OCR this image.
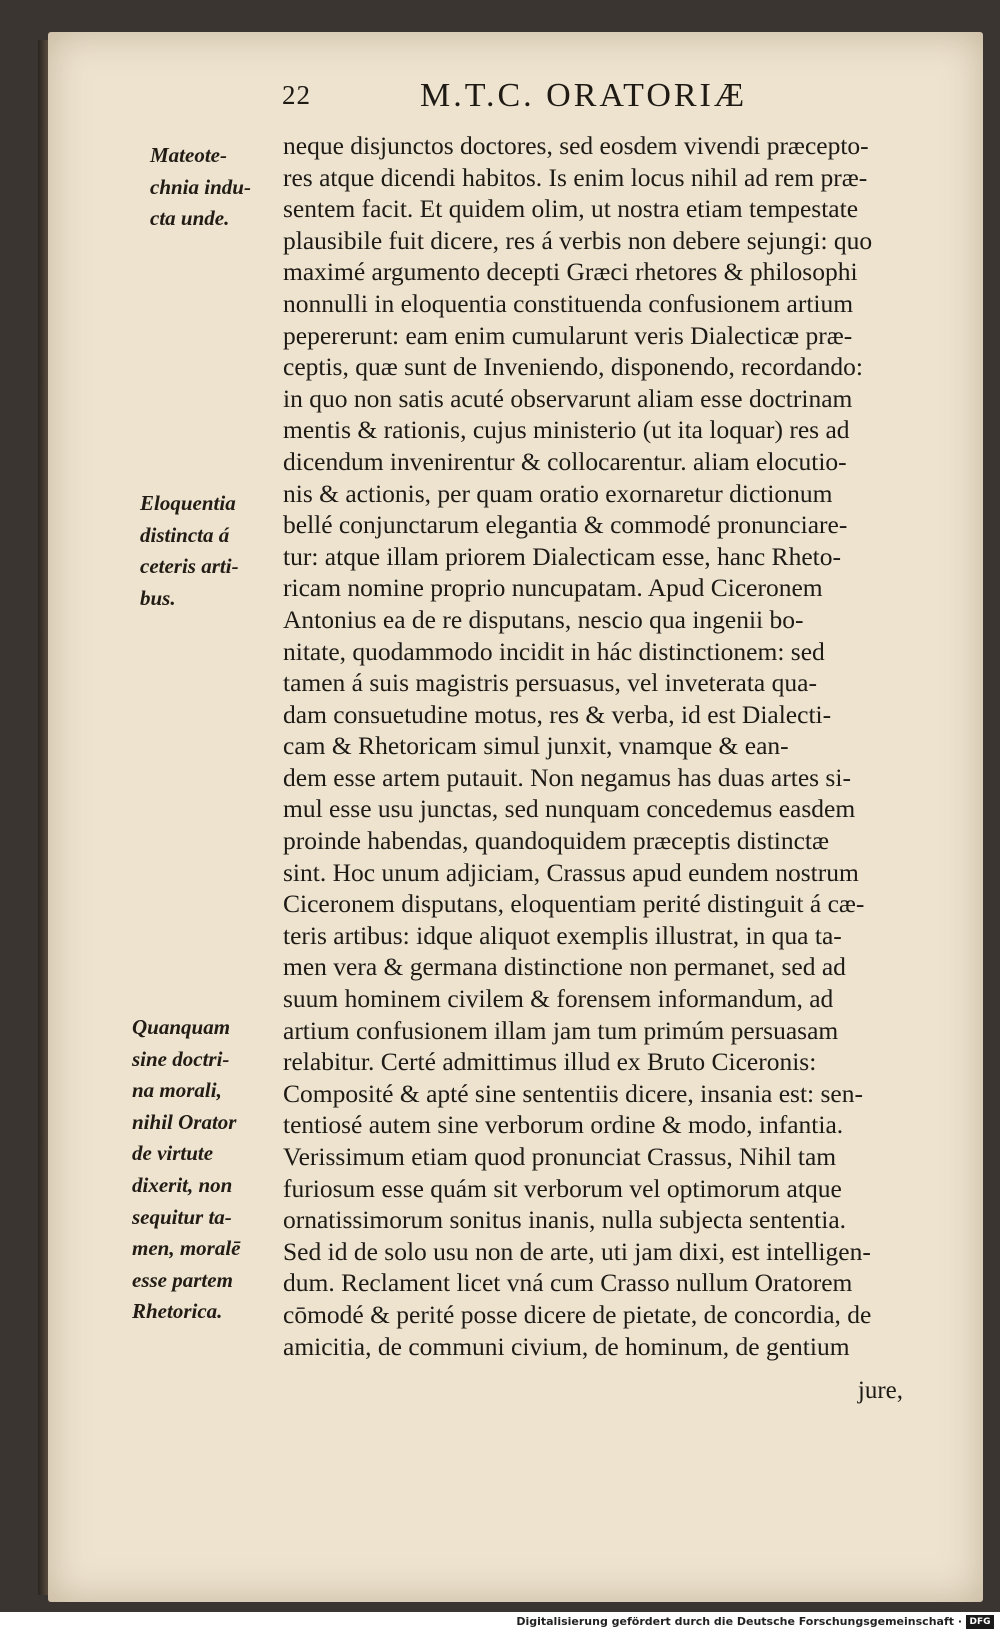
22	M.T.C. ORATORIÆ
Mateote-
chnia indu-
cta unde.
Eloquentia
distincta á
ceteris arti-
bus.
Quanquam
sine doctri-
na morali,
nihil Orator
de virtute
dixerit, non
sequitur ta-
men, moralē
esse partem
Rhetorica.
neque disjunctos doctores, sed eosdem vivendi præcepto-
res atque dicendi habitos. Is enim locus nihil ad rem præ-
sentem facit. Et quidem olim, ut nostra etiam tempestate
plausibile fuit dicere, res á verbis non debere sejungi: quo
maximé argumento decepti Græci rhetores & philosophi
nonnulli in eloquentia constituenda confusionem artium
pepererunt: eam enim cumularunt veris Dialecticæ præ-
ceptis, quæ sunt de Inveniendo, disponendo, recordando:
in quo non satis acuté observarunt aliam esse doctrinam
mentis & rationis, cujus ministerio (ut ita loquar) res ad
dicendum invenirentur & collocarentur. aliam elocutio-
nis & actionis, per quam oratio exornaretur dictionum
bellé conjunctarum elegantia & commodé pronunciare-
tur: atque illam priorem Dialecticam esse, hanc Rheto-
ricam nomine proprio nuncupatam. Apud Ciceronem
Antonius ea de re disputans, nescio qua ingenii bo-
nitate, quodammodo incidit in hác distinctionem: sed
tamen á suis magistris persuasus, vel inveterata qua-
dam consuetudine motus, res & verba, id est Dialecti-
cam & Rhetoricam simul junxit, vnamque & ean-
dem esse artem putauit. Non negamus has duas artes si-
mul esse usu junctas, sed nunquam concedemus easdem
proinde habendas, quandoquidem præceptis distinctæ
sint. Hoc unum adjiciam, Crassus apud eundem nostrum
Ciceronem disputans, eloquentiam perité distinguit á cæ-
teris artibus: idque aliquot exemplis illustrat, in qua ta-
men vera & germana distinctione non permanet, sed ad
suum hominem civilem & forensem informandum, ad
artium confusionem illam jam tum primúm persuasam
relabitur. Certé admittimus illud ex Bruto Ciceronis:
Composité & apté sine sententiis dicere, insania est: sen-
tentiosé autem sine verborum ordine & modo, infantia.
Verissimum etiam quod pronunciat Crassus, Nihil tam
furiosum esse quám sit verborum vel optimorum atque
ornatissimorum sonitus inanis, nulla subjecta sententia.
Sed id de solo usu non de arte, uti jam dixi, est intelligen-
dum. Reclament licet vná cum Crasso nullum Oratorem
cōmodé & perité posse dicere de pietate, de concordia, de
amicitia, de communi civium, de hominum, de gentium
jure,
Digitalisierung gefördert durch die Deutsche Forschungsgemeinschaft · DFG
